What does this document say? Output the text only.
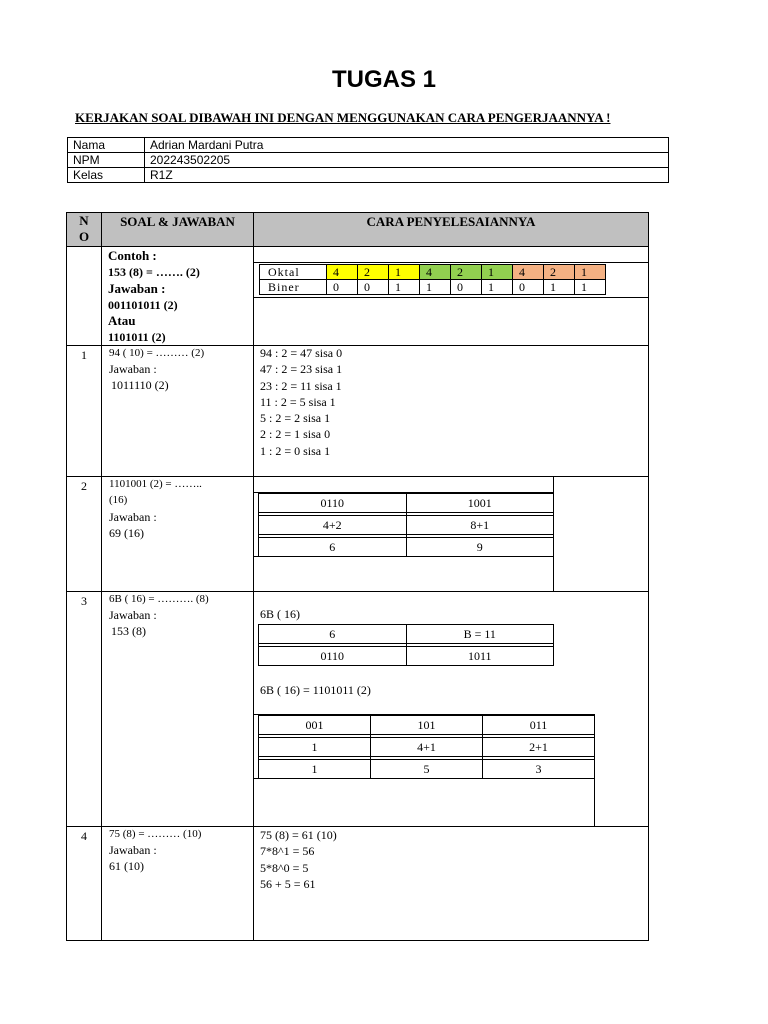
TUGAS 1
KERJAKAN SOAL DIBAWAH INI DENGAN MENGGUNAKAN CARA PENGERJAANNYA !
Nama	Adrian Mardani Putra
NPM	202243502205
Kelas	R1Z
N
O
SOAL & JAWABAN	CARA PENYELESAIANNYA
Contoh :
153 (8) = ……. (2)
Jawaban :
001101011 (2)
Atau
1101011 (2)
Oktal	4	2	1	4	2	1	4	2	1
Biner	0	0	1	1	0	1	0	1	1
1	94 ( 10) = ……… (2)
Jawaban :
1011110 (2)
94 : 2 = 47 sisa 0
47 : 2 = 23 sisa 1
23 : 2 = 11 sisa 1
11 : 2 = 5 sisa 1
5 : 2 = 2 sisa 1
2 : 2 = 1 sisa 0
1 : 2 = 0 sisa 1
2	1101001 (2) = ……..
(16)
Jawaban :
69 (16)
0110	1001

4+2	8+1

6	9
3	6B ( 16) = ………. (8)
Jawaban :
153 (8)
6B ( 16)
6	B = 11

0110	1011
6B ( 16) = 1101011 (2)
001	101	011

1	4+1	2+1

1	5	3
4	75 (8) = ……… (10)
Jawaban :
61 (10)
75 (8) = 61 (10)
7*8^1 = 56
5*8^0 = 5
56 + 5 = 61
